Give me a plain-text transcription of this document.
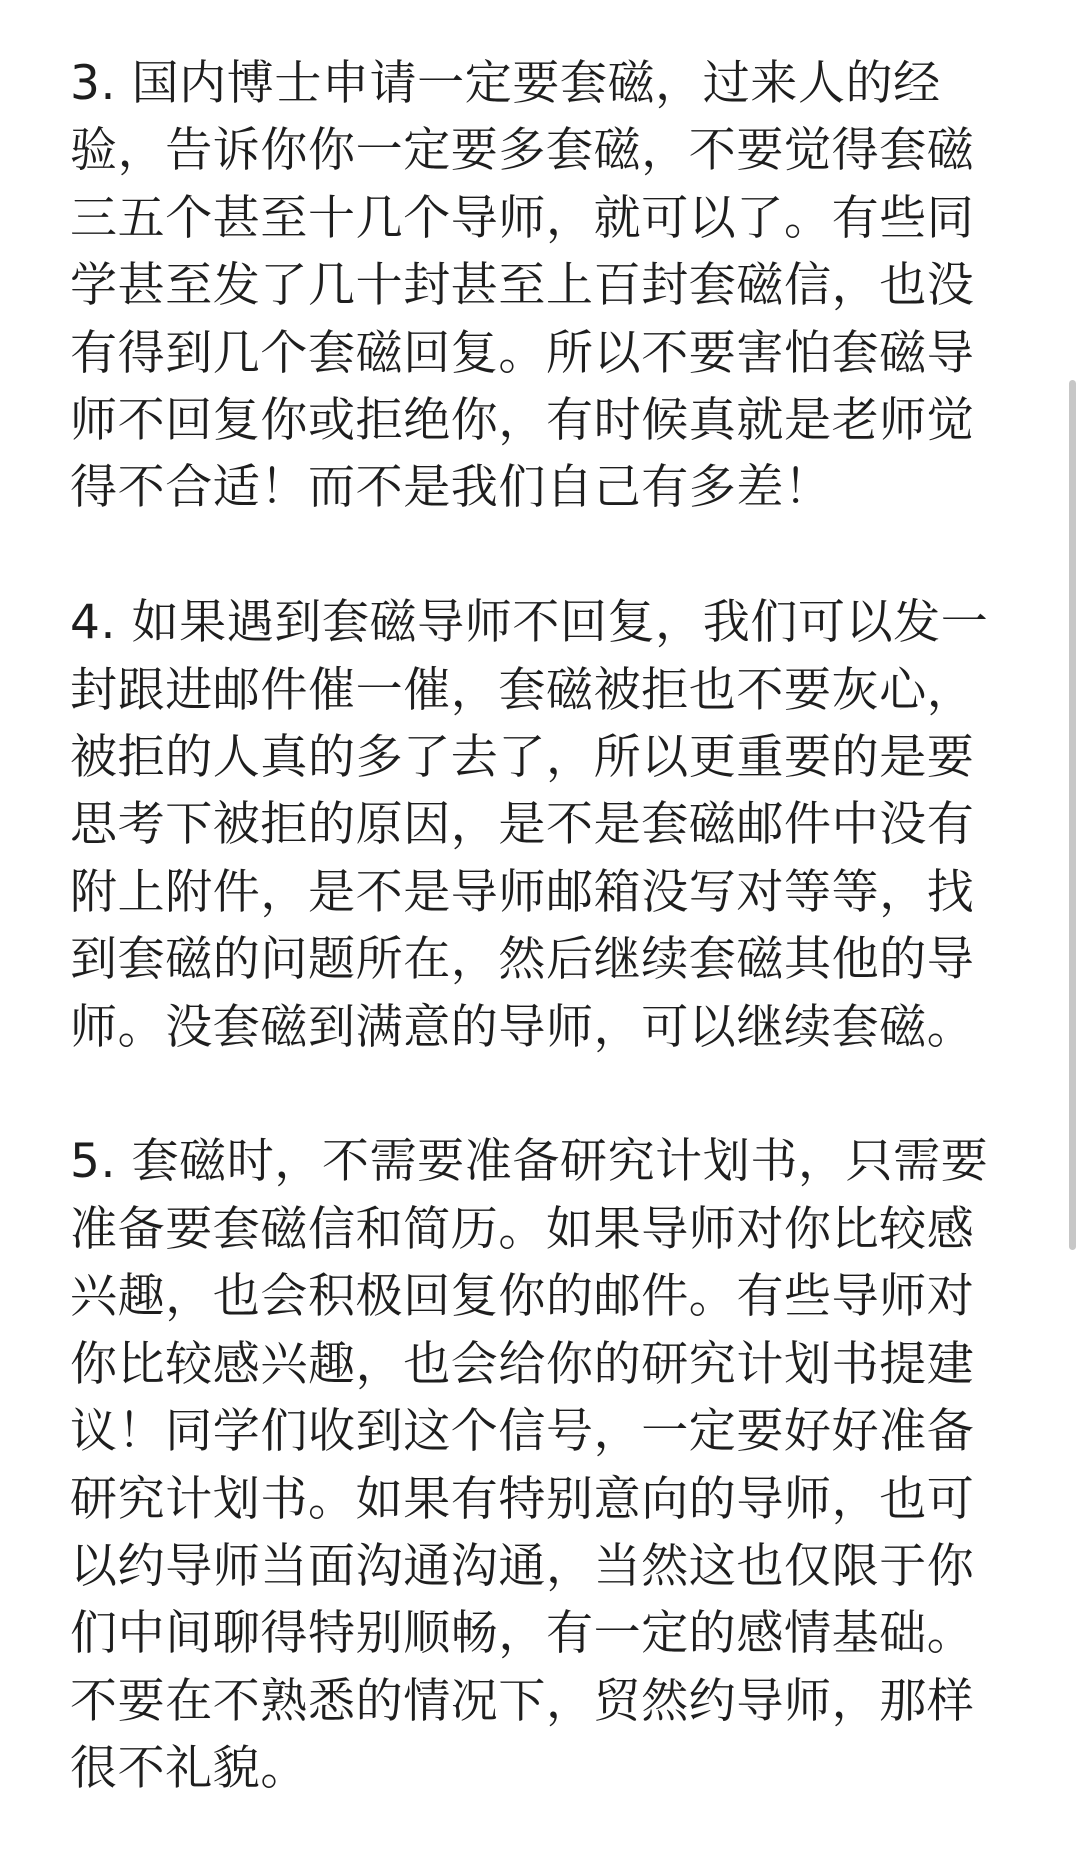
3. 国内博士申请一定要套磁，过来人的经
验，告诉你你一定要多套磁，不要觉得套磁
三五个甚至十几个导师，就可以了。有些同
学甚至发了几十封甚至上百封套磁信，也没
有得到几个套磁回复。所以不要害怕套磁导
师不回复你或拒绝你，有时候真就是老师觉
得不合适！而不是我们自己有多差！

4. 如果遇到套磁导师不回复，我们可以发一
封跟进邮件催一催，套磁被拒也不要灰心，
被拒的人真的多了去了，所以更重要的是要
思考下被拒的原因，是不是套磁邮件中没有
附上附件，是不是导师邮箱没写对等等，找
到套磁的问题所在，然后继续套磁其他的导
师。没套磁到满意的导师，可以继续套磁。

5. 套磁时，不需要准备研究计划书，只需要
准备要套磁信和简历。如果导师对你比较感
兴趣，也会积极回复你的邮件。有些导师对
你比较感兴趣，也会给你的研究计划书提建
议！同学们收到这个信号，一定要好好准备
研究计划书。如果有特别意向的导师，也可
以约导师当面沟通沟通，当然这也仅限于你
们中间聊得特别顺畅，有一定的感情基础。
不要在不熟悉的情况下，贸然约导师，那样
很不礼貌。
